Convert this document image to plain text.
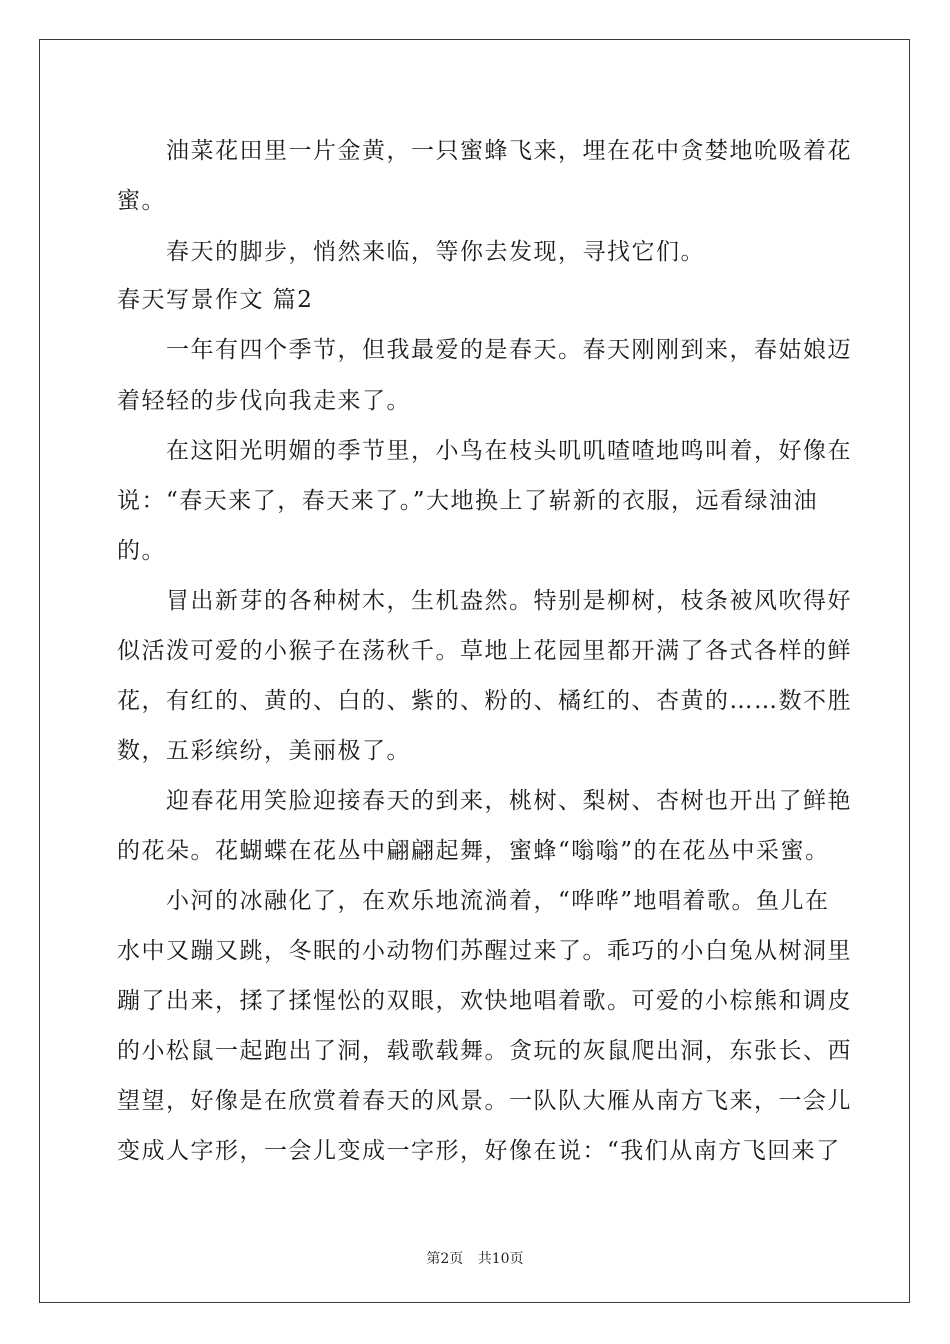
　　油菜花田里一片金黄，一只蜜蜂飞来，埋在花中贪婪地吮吸着花
蜜。
　　春天的脚步，悄然来临，等你去发现，寻找它们。
春天写景作文 篇2
　　一年有四个季节，但我最爱的是春天。春天刚刚到来，春姑娘迈
着轻轻的步伐向我走来了。
　　在这阳光明媚的季节里，小鸟在枝头叽叽喳喳地鸣叫着，好像在
说：“春天来了，春天来了。”大地换上了崭新的衣服，远看绿油油
的。
　　冒出新芽的各种树木，生机盎然。特别是柳树，枝条被风吹得好
似活泼可爱的小猴子在荡秋千。草地上花园里都开满了各式各样的鲜
花，有红的、黄的、白的、紫的、粉的、橘红的、杏黄的……数不胜
数，五彩缤纷，美丽极了。
　　迎春花用笑脸迎接春天的到来，桃树、梨树、杏树也开出了鲜艳
的花朵。花蝴蝶在花丛中翩翩起舞，蜜蜂“嗡嗡”的在花丛中采蜜。
　　小河的冰融化了，在欢乐地流淌着，“哗哗”地唱着歌。鱼儿在
水中又蹦又跳，冬眠的小动物们苏醒过来了。乖巧的小白兔从树洞里
蹦了出来，揉了揉惺忪的双眼，欢快地唱着歌。可爱的小棕熊和调皮
的小松鼠一起跑出了洞，载歌载舞。贪玩的灰鼠爬出洞，东张长、西
望望，好像是在欣赏着春天的风景。一队队大雁从南方飞来，一会儿
变成人字形，一会儿变成一字形，好像在说：“我们从南方飞回来了
第2页 共10页
